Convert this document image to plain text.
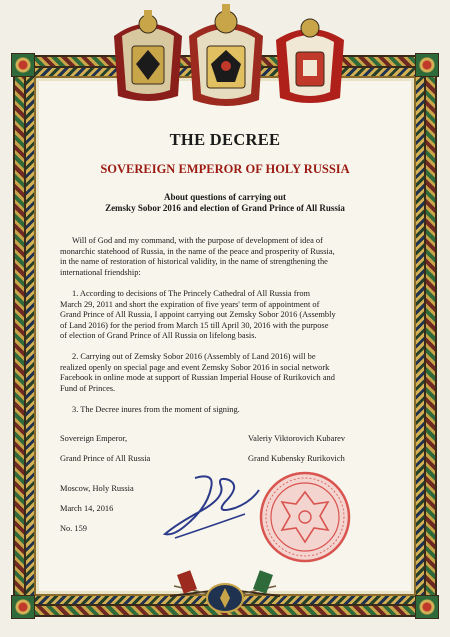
THE DECREE

SOVEREIGN EMPEROR OF HOLY RUSSIA

About questions of carrying out
Zemsky Sobor 2016 and election of Grand Prince of All Russia
Will of God and my command, with the purpose of development of idea of
monarchic statehood of Russia, in the name of the peace and prosperity of Russia,
in the name of restoration of historical validity, in the name of strengthening the
international friendship:
1. According to decisions of The Princely Cathedral of All Russia from
March 29, 2011 and short the expiration of five years' term of appointment of
Grand Prince of All Russia, I appoint carrying out Zemsky Sobor 2016 (Assembly
of Land 2016) for the period from March 15 till April 30, 2016 with the purpose
of election of Grand Prince of All Russia on lifelong basis.
2. Carrying out of Zemsky Sobor 2016 (Assembly of Land 2016) will be
realized openly on special page and event Zemsky Sobor 2016 in social network
Facebook in online mode at support of Russian Imperial House of Rurikovich and
Fund of Princes.
3. The Decree inures from the moment of signing.

Sovereign Emperor,

Grand Prince of All Russia

Valeriy Viktorovich Kubarev

Grand Kubensky Rurikovich

Moscow, Holy Russia

March 14, 2016

No. 159
